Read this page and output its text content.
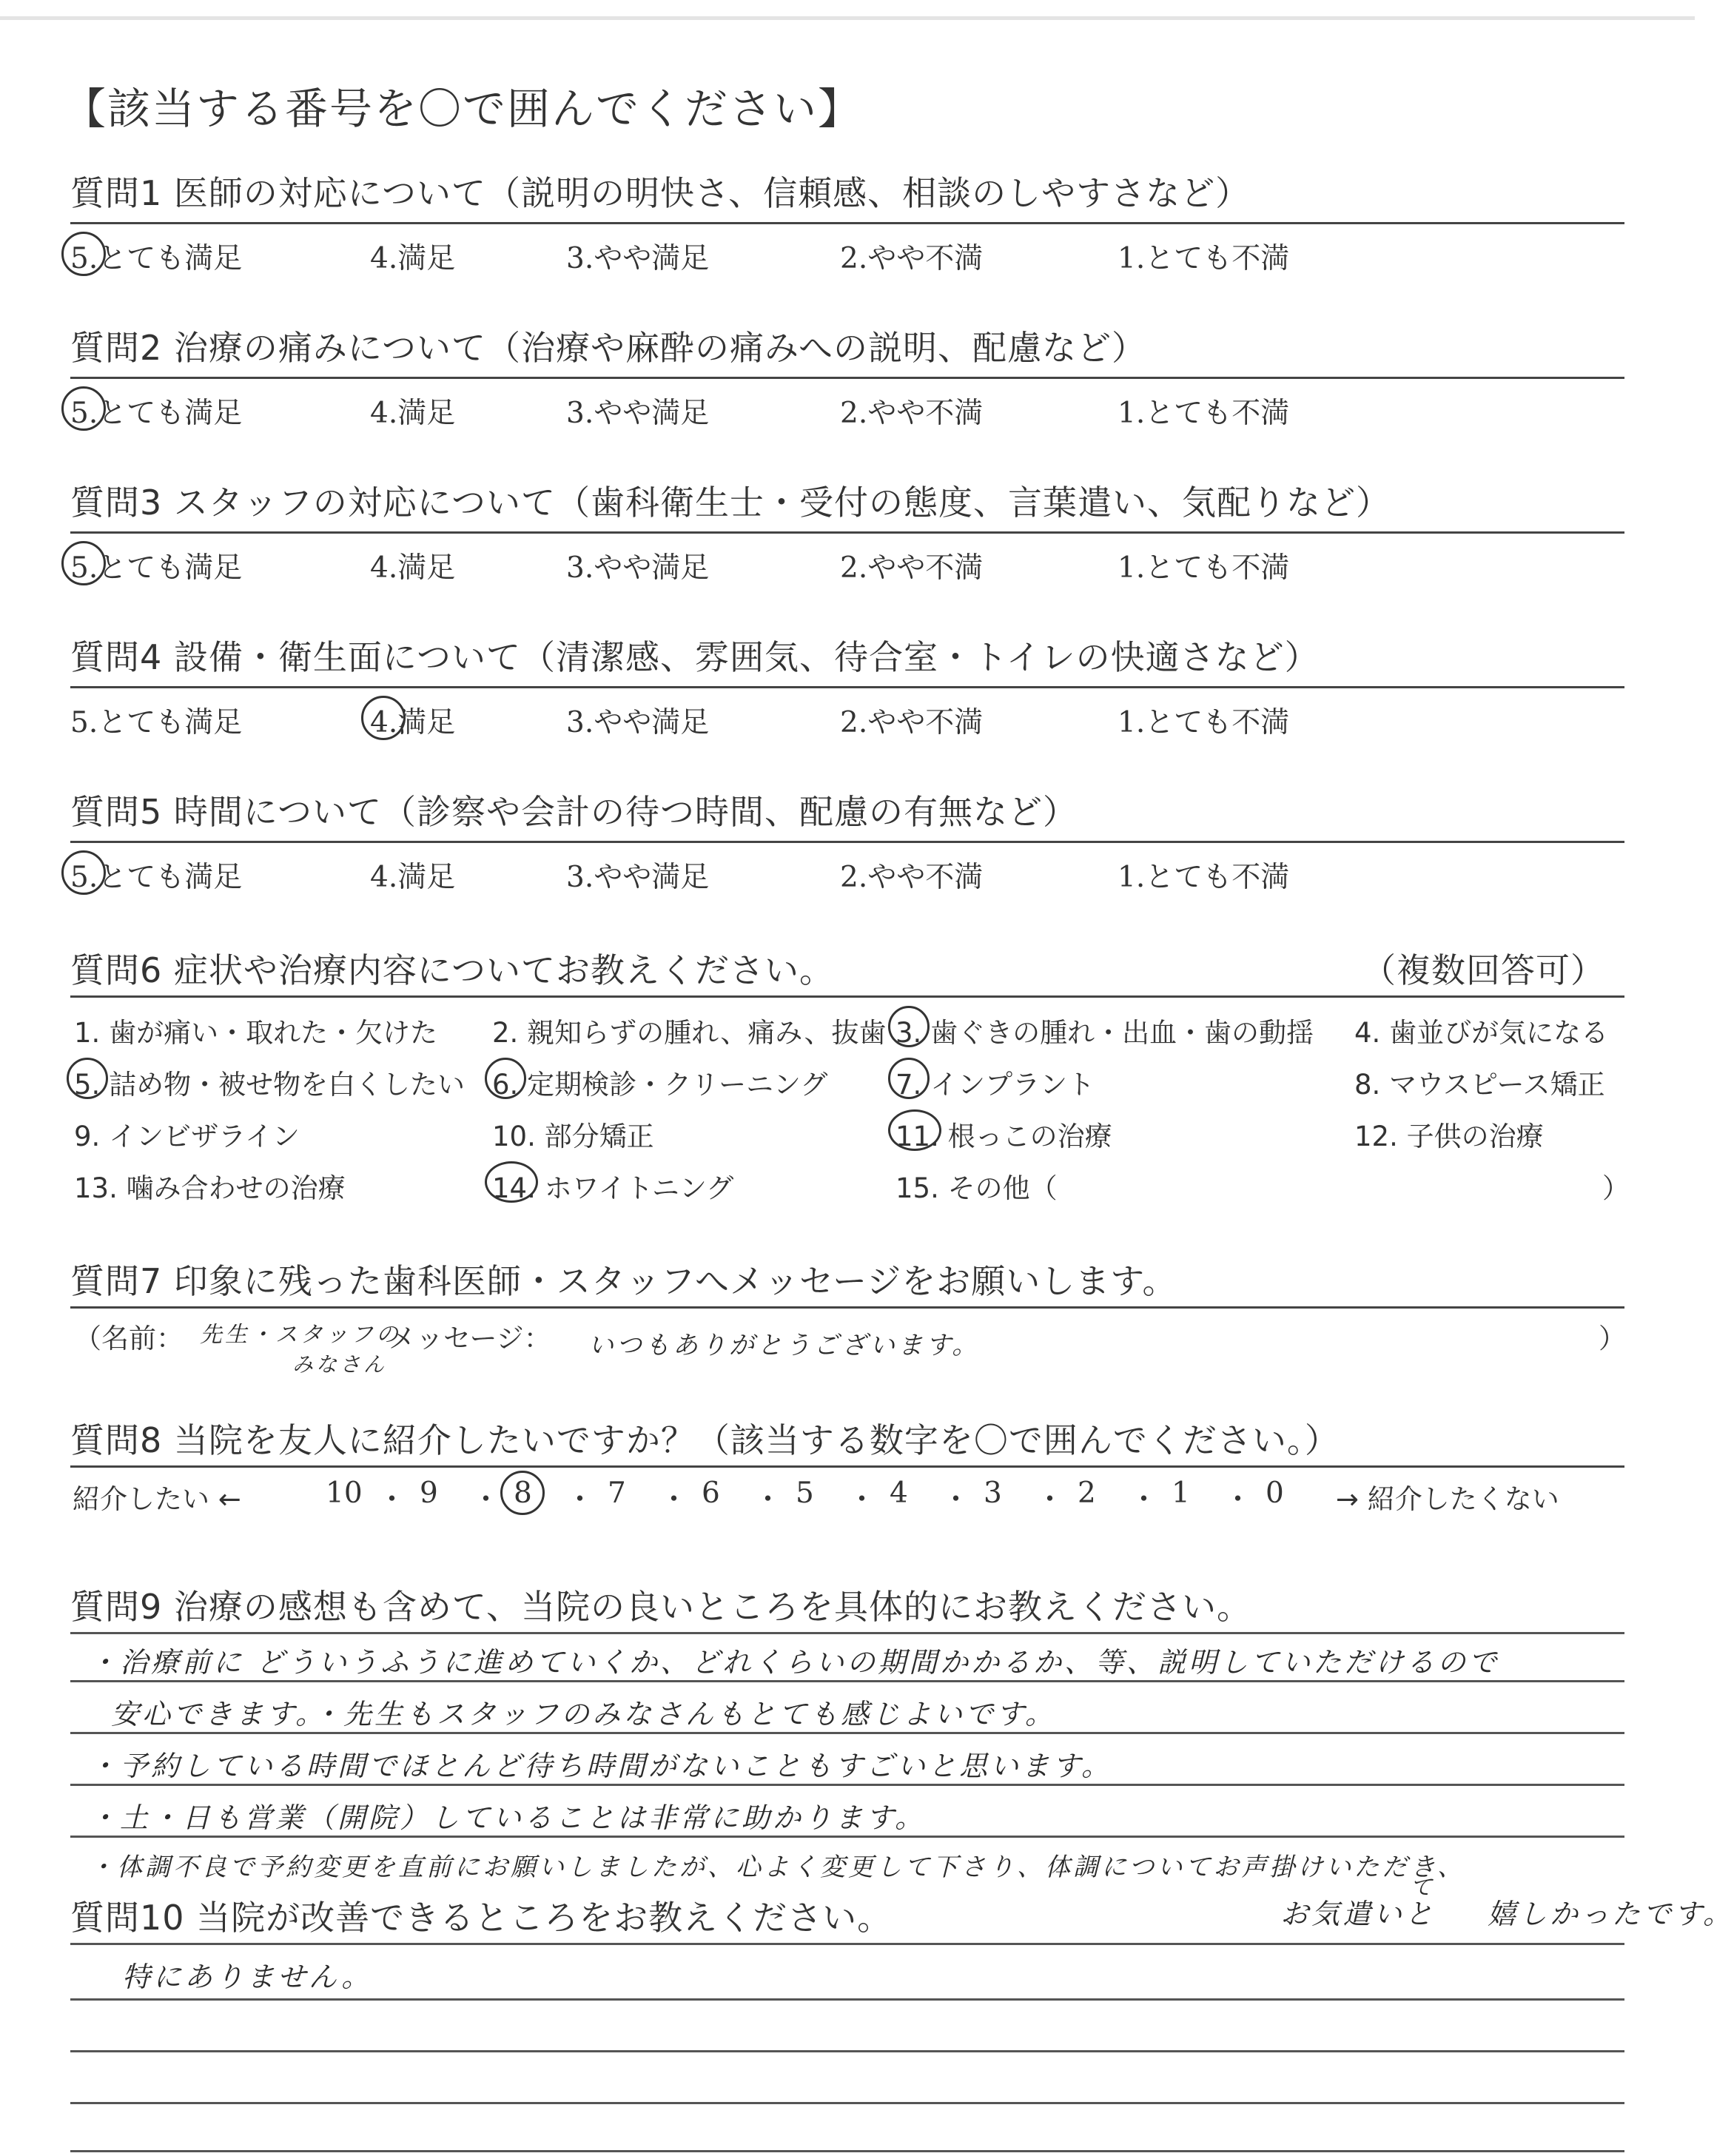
【該当する番号を〇で囲んでください】
質問1 医師の対応について（説明の明快さ、信頼感、相談のしやすさなど）
5.とても満足	4.満足	3.やや満足	2.やや不満	1.とても不満
質問2 治療の痛みについて（治療や麻酔の痛みへの説明、配慮など）
5.とても満足	4.満足	3.やや満足	2.やや不満	1.とても不満
質問3 スタッフの対応について（歯科衛生士・受付の態度、言葉遣い、気配りなど）
5.とても満足	4.満足	3.やや満足	2.やや不満	1.とても不満
質問4 設備・衛生面について（清潔感、雰囲気、待合室・トイレの快適さなど）
5.とても満足	4.満足	3.やや満足	2.やや不満	1.とても不満
質問5 時間について（診察や会計の待つ時間、配慮の有無など）
5.とても満足	4.満足	3.やや満足	2.やや不満	1.とても不満
質問6 症状や治療内容についてお教えください。	（複数回答可）
1. 歯が痛い・取れた・欠けた 2. 親知らずの腫れ、痛み、抜歯 3. 歯ぐきの腫れ・出血・歯の動揺 4. 歯並びが気になる
5. 詰め物・被せ物を白くしたい 6. 定期検診・クリーニング 7. インプラント	8. マウスピース矯正
9. インビザライン	10. 部分矯正	11. 根っこの治療	12. 子供の治療
13. 噛み合わせの治療	14. ホワイトニング	15. その他（	）
質問7 印象に残った歯科医師・スタッフへメッセージをお願いします。
（名前： 先生・スタッフの
みなさん
メッセージ： いつもありがとうございます。	）
質問8 当院を友人に紹介したいですか？（該当する数字を〇で囲んでください。）
紹介したい ←	→ 紹介したくない
10 ・ 9 ・ 8 ・ 7 ・ 6 ・ 5 ・ 4 ・ 3 ・ 2 ・ 1 ・ 0
質問9 治療の感想も含めて、当院の良いところを具体的にお教えください。
・治療前に どういうふうに進めていくか、どれくらいの期間かかるか、等、説明していただけるので
安心できます。・先生もスタッフのみなさんもとても感じよいです。
・予約している時間でほとんど待ち時間がないこともすごいと思います。
・土・日も営業（開院）していることは非常に助かります。
・体調不良で予約変更を直前にお願いしましたが、心よく変更して下さり、体調についてお声掛けいただき、
お気遣いと
て
嬉しかったです。
質問10 当院が改善できるところをお教えください。
特にありません。
